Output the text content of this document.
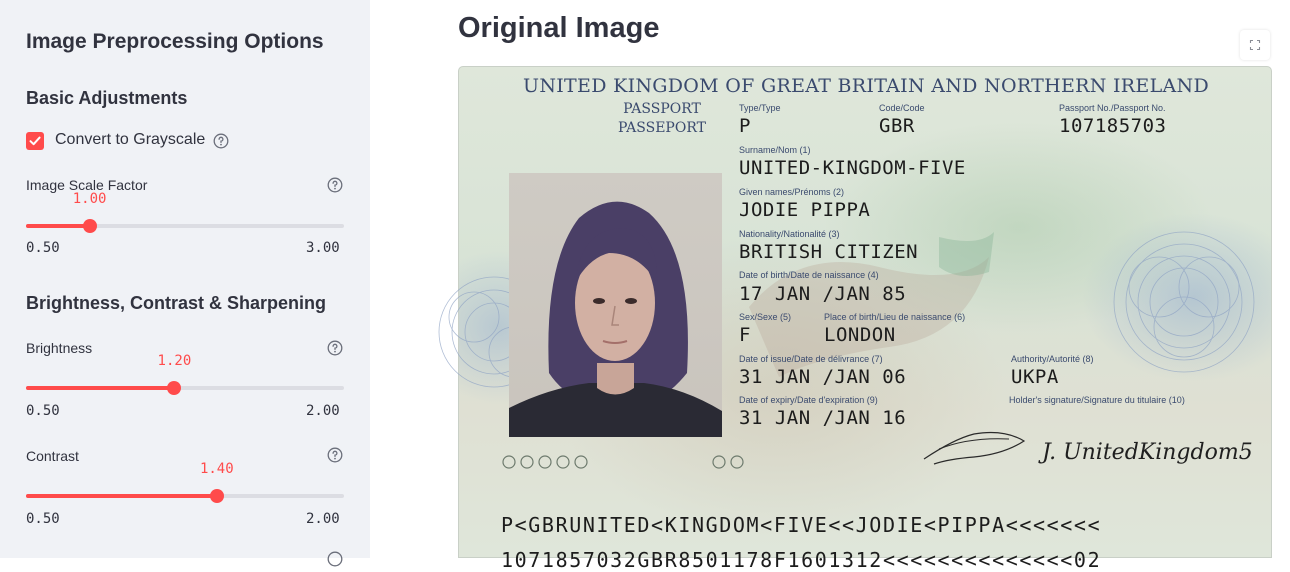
Image Preprocessing Options
Basic Adjustments
Convert to Grayscale
Image Scale Factor
1.00
0.50	3.00
Brightness, Contrast & Sharpening
Brightness
1.20
0.50	2.00
Contrast
1.40
0.50	2.00
Original Image
UNITED KINGDOM OF GREAT BRITAIN AND NORTHERN IRELAND
PASSPORT
PASSEPORT
Type/Type
P
Code/Code
GBR
Passport No./Passport No.
107185703
Surname/Nom (1)
UNITED-KINGDOM-FIVE
Given names/Prénoms (2)
JODIE PIPPA
Nationality/Nationalité (3)
BRITISH CITIZEN
Date of birth/Date de naissance (4)
17 JAN /JAN 85
Sex/Sexe (5)
F
Place of birth/Lieu de naissance (6)
LONDON
Date of issue/Date de délivrance (7)
31 JAN /JAN 06
Authority/Autorité (8)
UKPA
Date of expiry/Date d'expiration (9)
31 JAN /JAN 16
Holder's signature/Signature du titulaire (10)
J. UnitedKingdom5
P<GBRUNITED<KINGDOM<FIVE<<JODIE<PIPPA<<<<<<<
1071857032GBR8501178F1601312<<<<<<<<<<<<<<02
